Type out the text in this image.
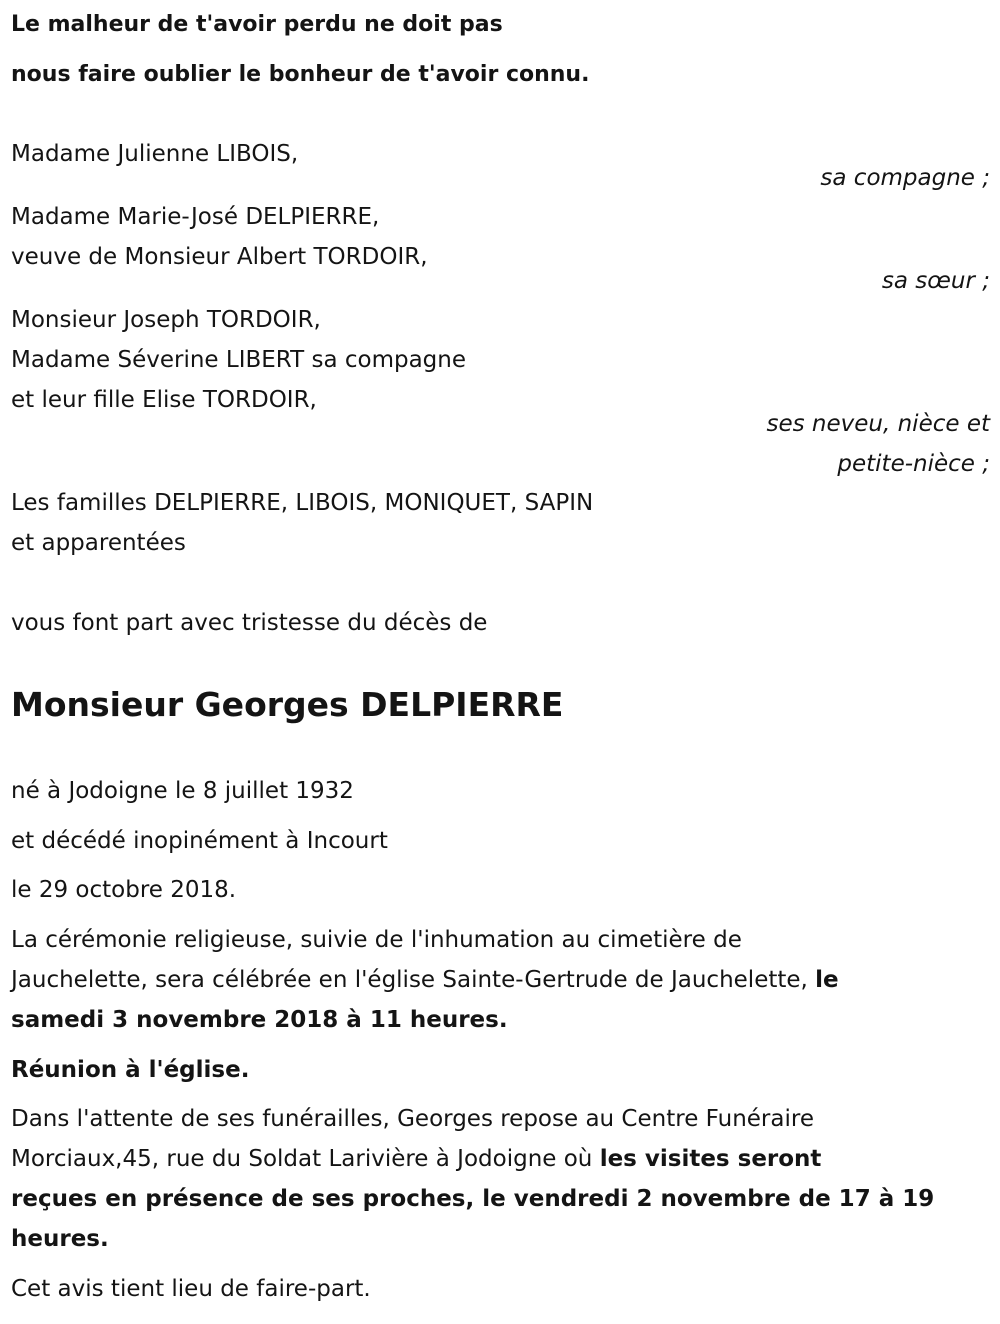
Le malheur de t'avoir perdu ne doit pas
nous faire oublier le bonheur de t'avoir connu.
Madame Julienne LIBOIS,
sa compagne ;
Madame Marie-José DELPIERRE,
veuve de Monsieur Albert TORDOIR,
sa sœur ;
Monsieur Joseph TORDOIR,
Madame Séverine LIBERT sa compagne
et leur fille Elise TORDOIR,
ses neveu, nièce et
petite-nièce ;
Les familles DELPIERRE, LIBOIS, MONIQUET, SAPIN
et apparentées
vous font part avec tristesse du décès de
Monsieur Georges DELPIERRE
né à Jodoigne le 8 juillet 1932
et décédé inopinément à Incourt
le 29 octobre 2018.
La cérémonie religieuse, suivie de l'inhumation au cimetière de
Jauchelette, sera célébrée en l'église Sainte-Gertrude de Jauchelette, le
samedi 3 novembre 2018 à 11 heures.
Réunion à l'église.
Dans l'attente de ses funérailles, Georges repose au Centre Funéraire
Morciaux,45, rue du Soldat Larivière à Jodoigne où les visites seront
reçues en présence de ses proches, le vendredi 2 novembre de 17 à 19
heures.
Cet avis tient lieu de faire-part.
